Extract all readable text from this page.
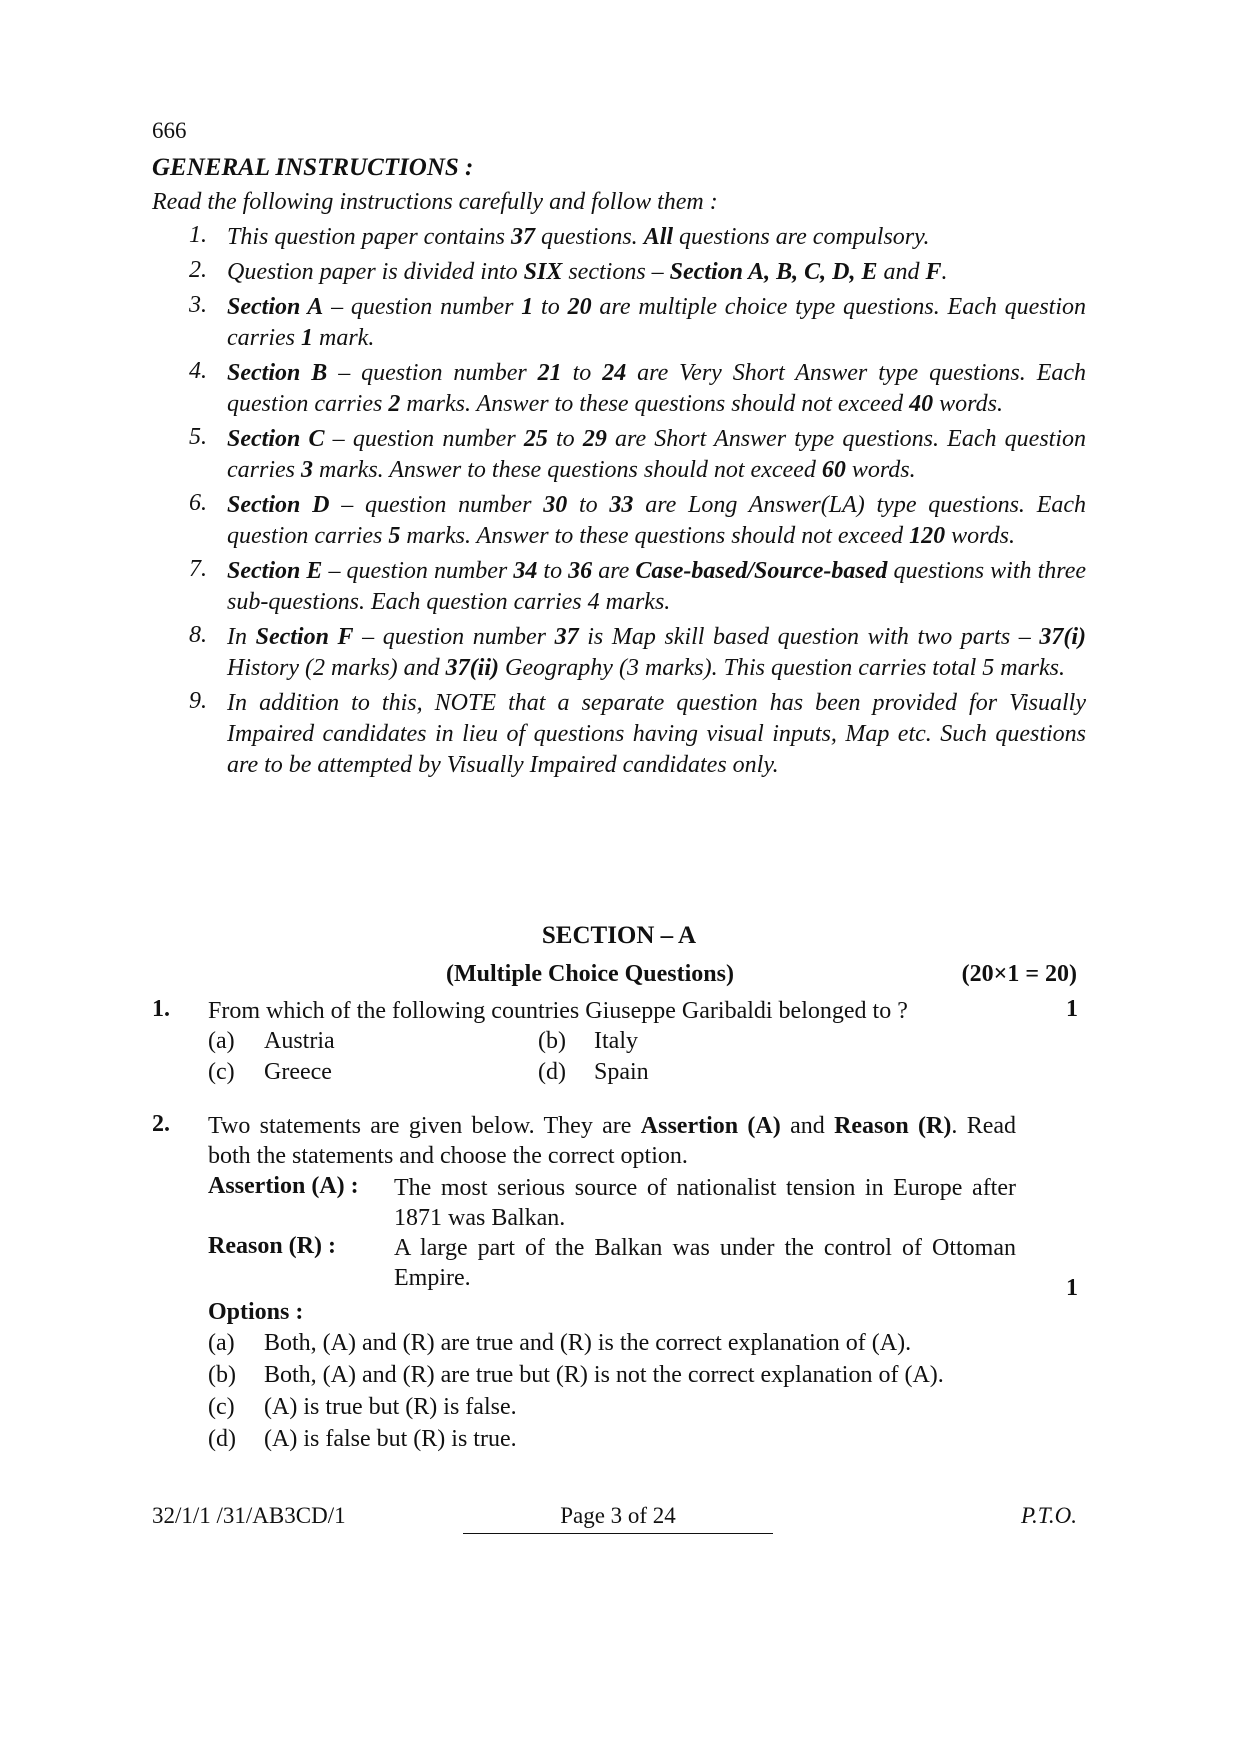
666
GENERAL INSTRUCTIONS :
Read the following instructions carefully and follow them :
1. This question paper contains 37 questions. All questions are compulsory.
2. Question paper is divided into SIX sections – Section A, B, C, D, E and F.
3. Section A – question number 1 to 20 are multiple choice type questions. Each question carries 1 mark.
4. Section B – question number 21 to 24 are Very Short Answer type questions. Each question carries 2 marks. Answer to these questions should not exceed 40 words.
5. Section C – question number 25 to 29 are Short Answer type questions. Each question carries 3 marks. Answer to these questions should not exceed 60 words.
6. Section D – question number 30 to 33 are Long Answer(LA) type questions. Each question carries 5 marks. Answer to these questions should not exceed 120 words.
7. Section E – question number 34 to 36 are Case-based/Source-based questions with three sub-questions. Each question carries 4 marks.
8. In Section F – question number 37 is Map skill based question with two parts – 37(i) History (2 marks) and 37(ii) Geography (3 marks). This question carries total 5 marks.
9. In addition to this, NOTE that a separate question has been provided for Visually Impaired candidates in lieu of questions having visual inputs, Map etc. Such questions are to be attempted by Visually Impaired candidates only.
SECTION – A
(Multiple Choice Questions)	(20×1 = 20)
1.	1
From which of the following countries Giuseppe Garibaldi belonged to ?
(a)	Austria	(b)	Italy
(c)	Greece	(d)	Spain
2.
1
Two statements are given below. They are Assertion (A) and Reason (R). Read both the statements and choose the correct option.
Assertion (A) :	The most serious source of nationalist tension in Europe after 1871 was Balkan.
Reason (R) :	A large part of the Balkan was under the control of Ottoman Empire.
Options :
(a)	Both, (A) and (R) are true and (R) is the correct explanation of (A).
(b)	Both, (A) and (R) are true but (R) is not the correct explanation of (A).
(c)	(A) is true but (R) is false.
(d)	(A) is false but (R) is true.
32/1/1 /31/AB3CD/1	Page 3 of 24	P.T.O.
